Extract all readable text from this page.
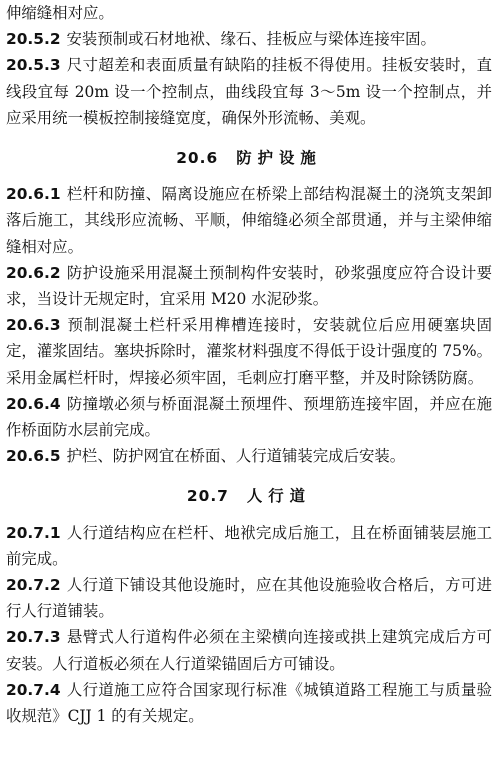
伸缩缝相对应。

20.5.2 安装预制或石材地袱、缘石、挂板应与梁体连接牢固。

20.5.3 尺寸超差和表面质量有缺陷的挂板不得使用。挂板安装时，直线段宜每 20m 设一个控制点，曲线段宜每 3～5m 设一个控制点，并应采用统一模板控制接缝宽度，确保外形流畅、美观。

20.6 防护设施

20.6.1 栏杆和防撞、隔离设施应在桥梁上部结构混凝土的浇筑支架卸落后施工，其线形应流畅、平顺，伸缩缝必须全部贯通，并与主梁伸缩缝相对应。

20.6.2 防护设施采用混凝土预制构件安装时，砂浆强度应符合设计要求，当设计无规定时，宜采用 M20 水泥砂浆。

20.6.3 预制混凝土栏杆采用榫槽连接时，安装就位后应用硬塞块固定，灌浆固结。塞块拆除时，灌浆材料强度不得低于设计强度的 75%。采用金属栏杆时，焊接必须牢固，毛刺应打磨平整，并及时除锈防腐。

20.6.4 防撞墩必须与桥面混凝土预埋件、预埋筋连接牢固，并应在施作桥面防水层前完成。

20.6.5 护栏、防护网宜在桥面、人行道铺装完成后安装。

20.7 人行道

20.7.1 人行道结构应在栏杆、地袱完成后施工，且在桥面铺装层施工前完成。

20.7.2 人行道下铺设其他设施时，应在其他设施验收合格后，方可进行人行道铺装。

20.7.3 悬臂式人行道构件必须在主梁横向连接或拱上建筑完成后方可安装。人行道板必须在人行道梁锚固后方可铺设。

20.7.4 人行道施工应符合国家现行标准《城镇道路工程施工与质量验收规范》CJJ 1 的有关规定。
